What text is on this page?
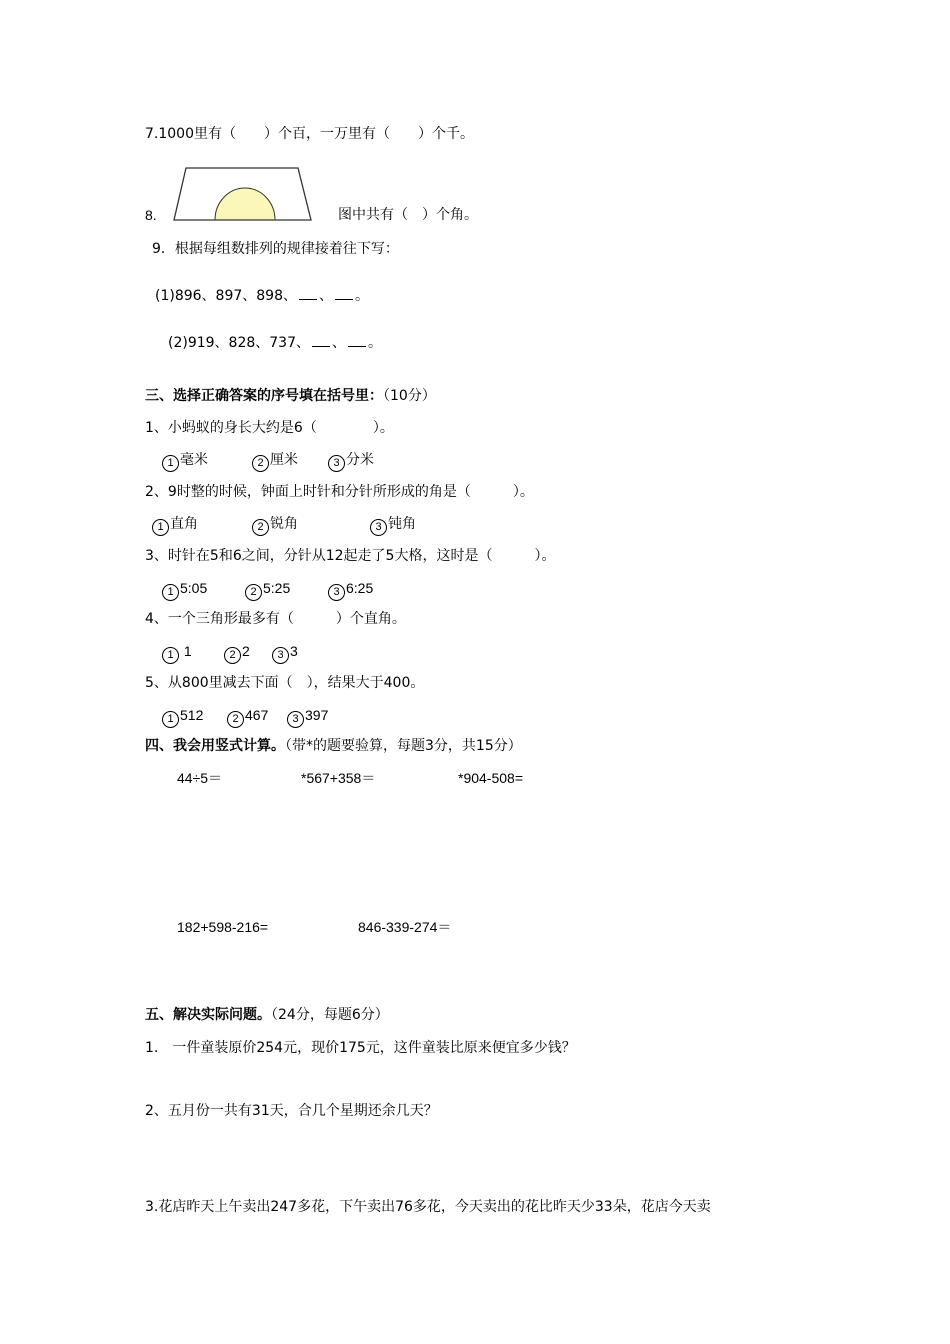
7.1000里有（　　）个百，一万里有（　　）个千。
8.	图中共有（　）个角。
9．根据每组数排列的规律接着往下写：
(1)896、897、898、 、 。
(2)919、828、737、 、 。
三、选择正确答案的序号填在括号里：（10分）
1、小蚂蚁的身长大约是6（　　　　）。
1 毫米	2 厘米	3 分米
2、9时整的时候，钟面上时针和分针所形成的角是（　　　）。
1 直角	2 锐角	3 钝角
3、时针在5和6之间，分针从12起走了5大格，这时是（　　　）。
1 5:05	2 5:25	3 6:25
4、一个三角形最多有（　　　）个直角。
1 1	2 2	3 3
5、从800里减去下面（　），结果大于400。
1 512	2 467	3 397
四、我会用竖式计算。（带*的题要验算，每题3分，共15分）
44÷5＝	*567+358＝	*904-508=
182+598-216=	846-339-274＝
五、解决实际问题。（24分，每题6分）
1.　一件童装原价254元，现价175元，这件童装比原来便宜多少钱？
2、五月份一共有31天，合几个星期还余几天？
3.花店昨天上午卖出247多花，下午卖出76多花，今天卖出的花比昨天少33朵，花店今天卖
